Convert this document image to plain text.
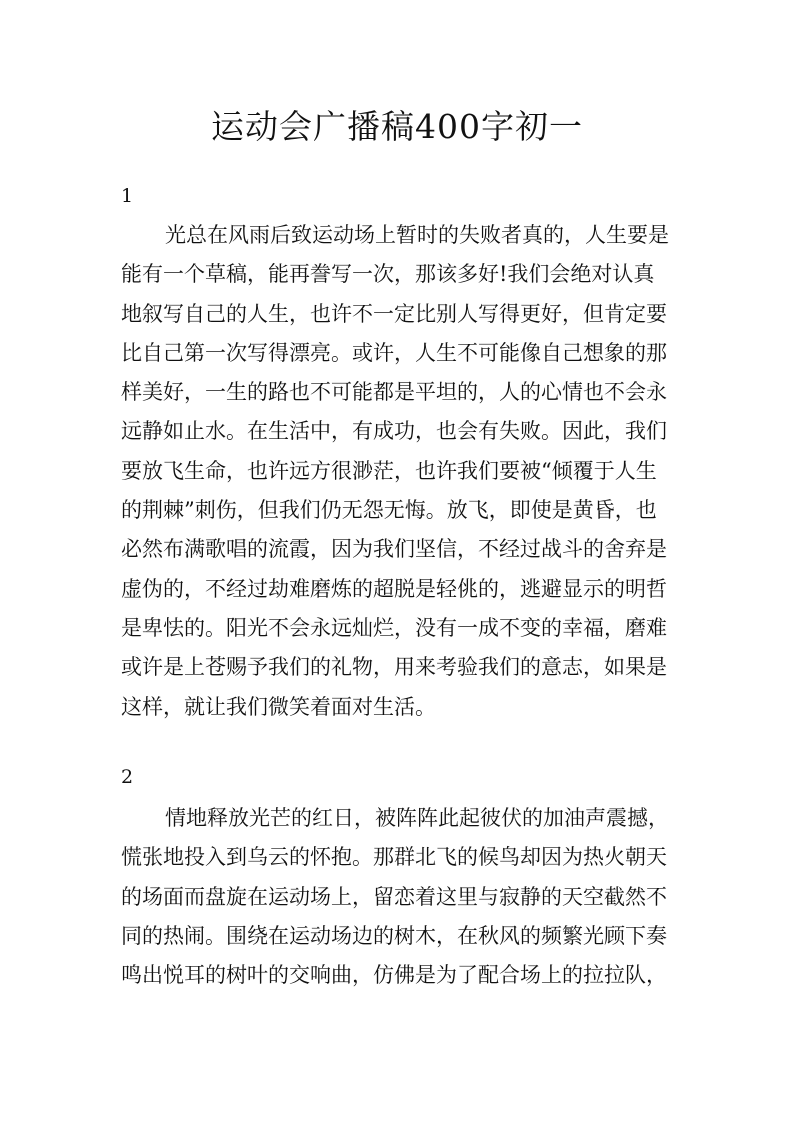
运动会广播稿400字初一
1

光总在风雨后致运动场上暂时的失败者真的，人生要是
能有一个草稿，能再誊写一次，那该多好!我们会绝对认真
地叙写自己的人生，也许不一定比别人写得更好，但肯定要
比自己第一次写得漂亮。或许，人生不可能像自己想象的那
样美好，一生的路也不可能都是平坦的，人的心情也不会永
远静如止水。在生活中，有成功，也会有失败。因此，我们
要放飞生命，也许远方很渺茫，也许我们要被“倾覆于人生
的荆棘”刺伤，但我们仍无怨无悔。放飞，即使是黄昏，也
必然布满歌唱的流霞，因为我们坚信，不经过战斗的舍弃是
虚伪的，不经过劫难磨炼的超脱是轻佻的，逃避显示的明哲
是卑怯的。阳光不会永远灿烂，没有一成不变的幸福，磨难
或许是上苍赐予我们的礼物，用来考验我们的意志，如果是
这样，就让我们微笑着面对生活。

2

情地释放光芒的红日，被阵阵此起彼伏的加油声震撼，
慌张地投入到乌云的怀抱。那群北飞的候鸟却因为热火朝天
的场面而盘旋在运动场上，留恋着这里与寂静的天空截然不
同的热闹。围绕在运动场边的树木，在秋风的频繁光顾下奏
鸣出悦耳的树叶的交响曲，仿佛是为了配合场上的拉拉队，
